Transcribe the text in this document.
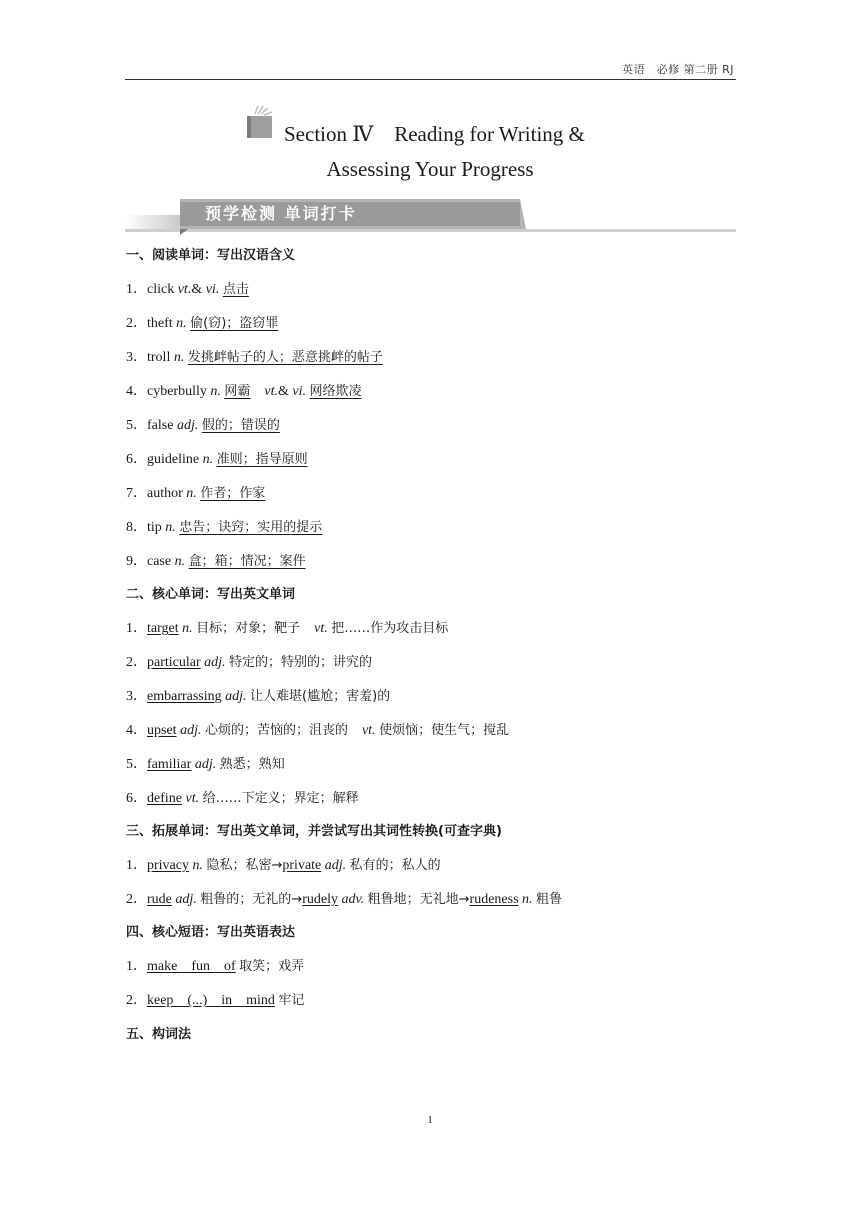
英语　必修 第二册 RJ
Section Ⅳ　Reading for Writing &
Assessing Your Progress
预学检测 单词打卡
一、阅读单词：写出汉语含义
1．click vt.& vi. 点击
2．theft n. 偷(窃)；盗窃罪
3．troll n. 发挑衅帖子的人；恶意挑衅的帖子
4．cyberbully n. 网霸 vt.& vi. 网络欺凌
5．false adj. 假的；错误的
6．guideline n. 准则；指导原则
7．author n. 作者；作家
8．tip n. 忠告；诀窍；实用的提示
9．case n. 盒；箱；情况；案件
二、核心单词：写出英文单词
1．target n. 目标；对象；靶子 vt. 把……作为攻击目标
2．particular adj. 特定的；特别的；讲究的
3．embarrassing adj. 让人难堪(尴尬；害羞)的
4．upset adj. 心烦的；苦恼的；沮丧的 vt. 使烦恼；使生气；搅乱
5．familiar adj. 熟悉；熟知
6．define vt. 给……下定义；界定；解释
三、拓展单词：写出英文单词，并尝试写出其词性转换(可查字典)
1．privacy n. 隐私；私密→private adj. 私有的；私人的
2．rude adj. 粗鲁的；无礼的→rudely adv. 粗鲁地；无礼地→rudeness n. 粗鲁
四、核心短语：写出英语表达
1．make　fun　of 取笑；戏弄
2．keep　(...)　in　mind 牢记
五、构词法
1
